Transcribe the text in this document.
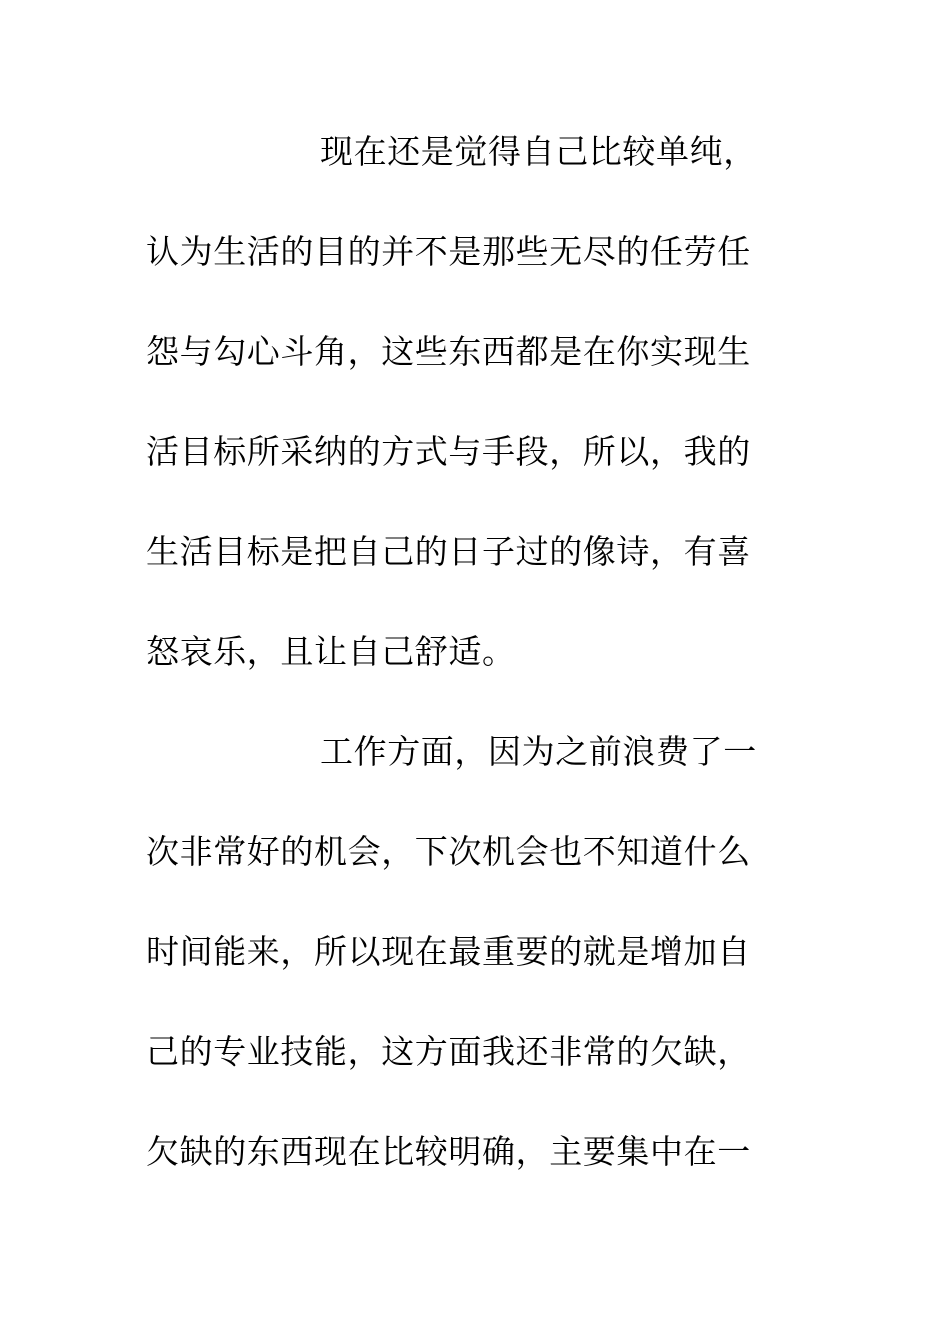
现在还是觉得自己比较单纯，
认为生活的目的并不是那些无尽的任劳任
怨与勾心斗角，这些东西都是在你实现生
活目标所采纳的方式与手段，所以，我的
生活目标是把自己的日子过的像诗，有喜
怒哀乐，且让自己舒适。
工作方面，因为之前浪费了一
次非常好的机会，下次机会也不知道什么
时间能来，所以现在最重要的就是增加自
己的专业技能，这方面我还非常的欠缺，
欠缺的东西现在比较明确，主要集中在一
